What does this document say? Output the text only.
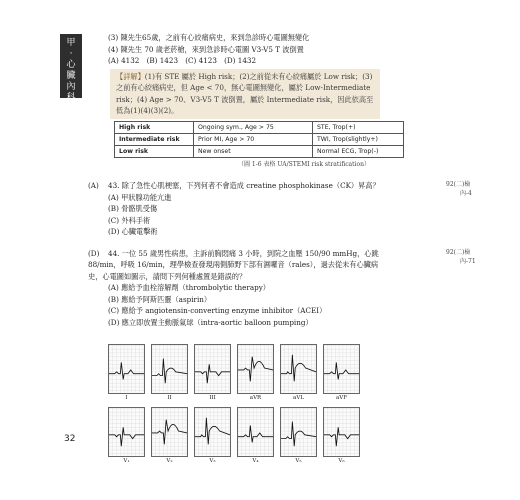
甲
·
心
臟
內
科
32
(3) 陳先生65歲，之前有心絞痛病史，來到急診時心電圖無變化
(4) 陳先生 70 歲老菸槍，來到急診時心電圖 V3-V5 T 波倒置
(A) 4132　(B) 1423　(C) 4123　(D) 1432
【詳解】(1)有 STE 屬於 High risk；(2)之前從未有心絞痛屬於 Low risk；(3)之前有心絞痛病史，但 Age < 70，無心電圖無變化，屬於 Low-Intermediate risk；(4) Age > 70、V3-V5 T 波倒置，屬於 Intermediate risk，因此依高至低為(1)(4)(3)(2)。
High risk	Ongoing sym., Age > 75	STE, Trop(+)
Intermediate risk	Prior MI, Age > 70	TWI, Trop(slightly+)
Low risk	New onset	Normal ECG, Trop(-)
（圖 1-6 表格 UA/STEMI risk stratification）
92(二)檢
內-4
(A) 43. 除了急性心肌梗塞，下列何者不會造成 creatine phosphokinase（CK）昇高？
(A) 甲狀腺功能亢進
(B) 骨骼肌受傷
(C) 外科手術
(D) 心臟電擊術
92(二)檢
內-71
(D) 44. 一位 55 歲男性病患，主訴前胸悶痛 3 小時，到院之血壓 150/90 mmHg，心跳 88/min，呼吸 16/min，理學檢查發現兩側肺野下部有濕囉音（rales），過去從未有心臟病史，心電圖如圖示，請問下列何種處置是錯誤的？
(A) 應給予血栓溶解劑（thrombolytic therapy）
(B) 應給予阿斯匹靈（aspirin）
(C) 應給予 angiotensin-converting enzyme inhibitor（ACEI）
(D) 應立即放置主動脈氣球（intra-aortic balloon pumping）
I	II	III	aVR	aVL	aVF
V₁	V₂	V₃	V₄	V₅	V₆
